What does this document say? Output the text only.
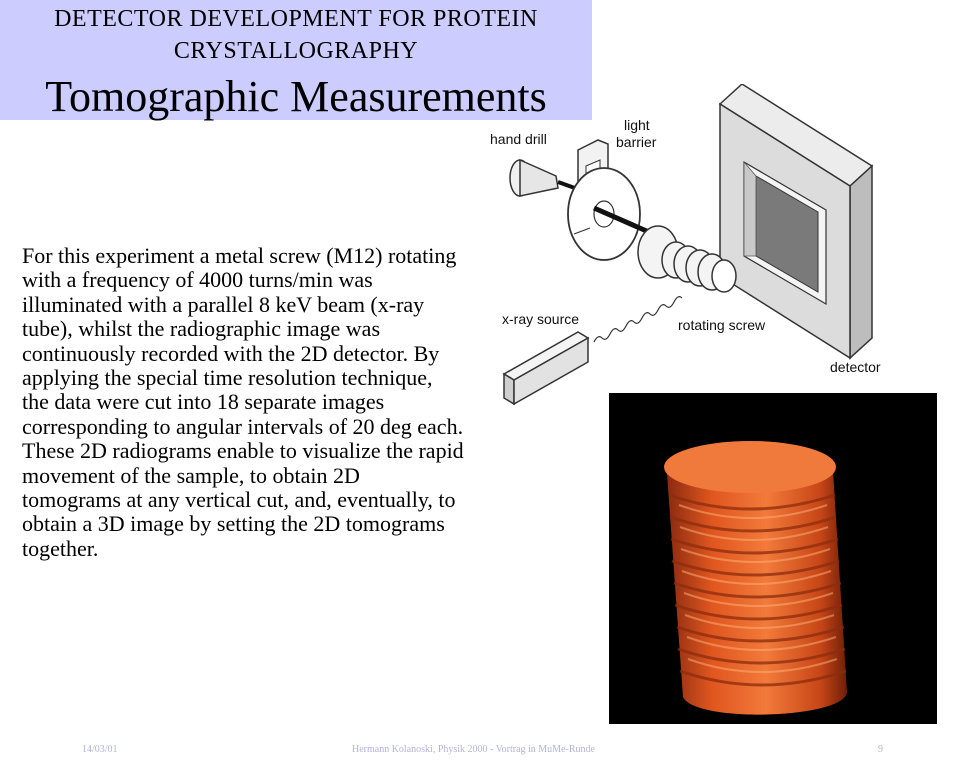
DETECTOR DEVELOPMENT FOR PROTEIN
CRYSTALLOGRAPHY
Tomographic Measurements
For this experiment a metal screw (M12) rotating
with a frequency of 4000 turns/min was
illuminated with a parallel 8 keV beam (x-ray
tube), whilst the radiographic image was
continuously recorded with the 2D detector. By
applying the special time resolution technique,
the data were cut into 18 separate images
corresponding to angular intervals of 20 deg each.
These 2D radiograms enable to visualize the rapid
movement of the sample, to obtain 2D
tomograms at any vertical cut, and, eventually, to
obtain a 3D image by setting the 2D tomograms
together.
hand drill
light
barrier
x-ray source	rotating screw
detector
14/03/01	Hermann Kolanoski, Physik 2000 - Vortrag in MuMe-Runde	9
